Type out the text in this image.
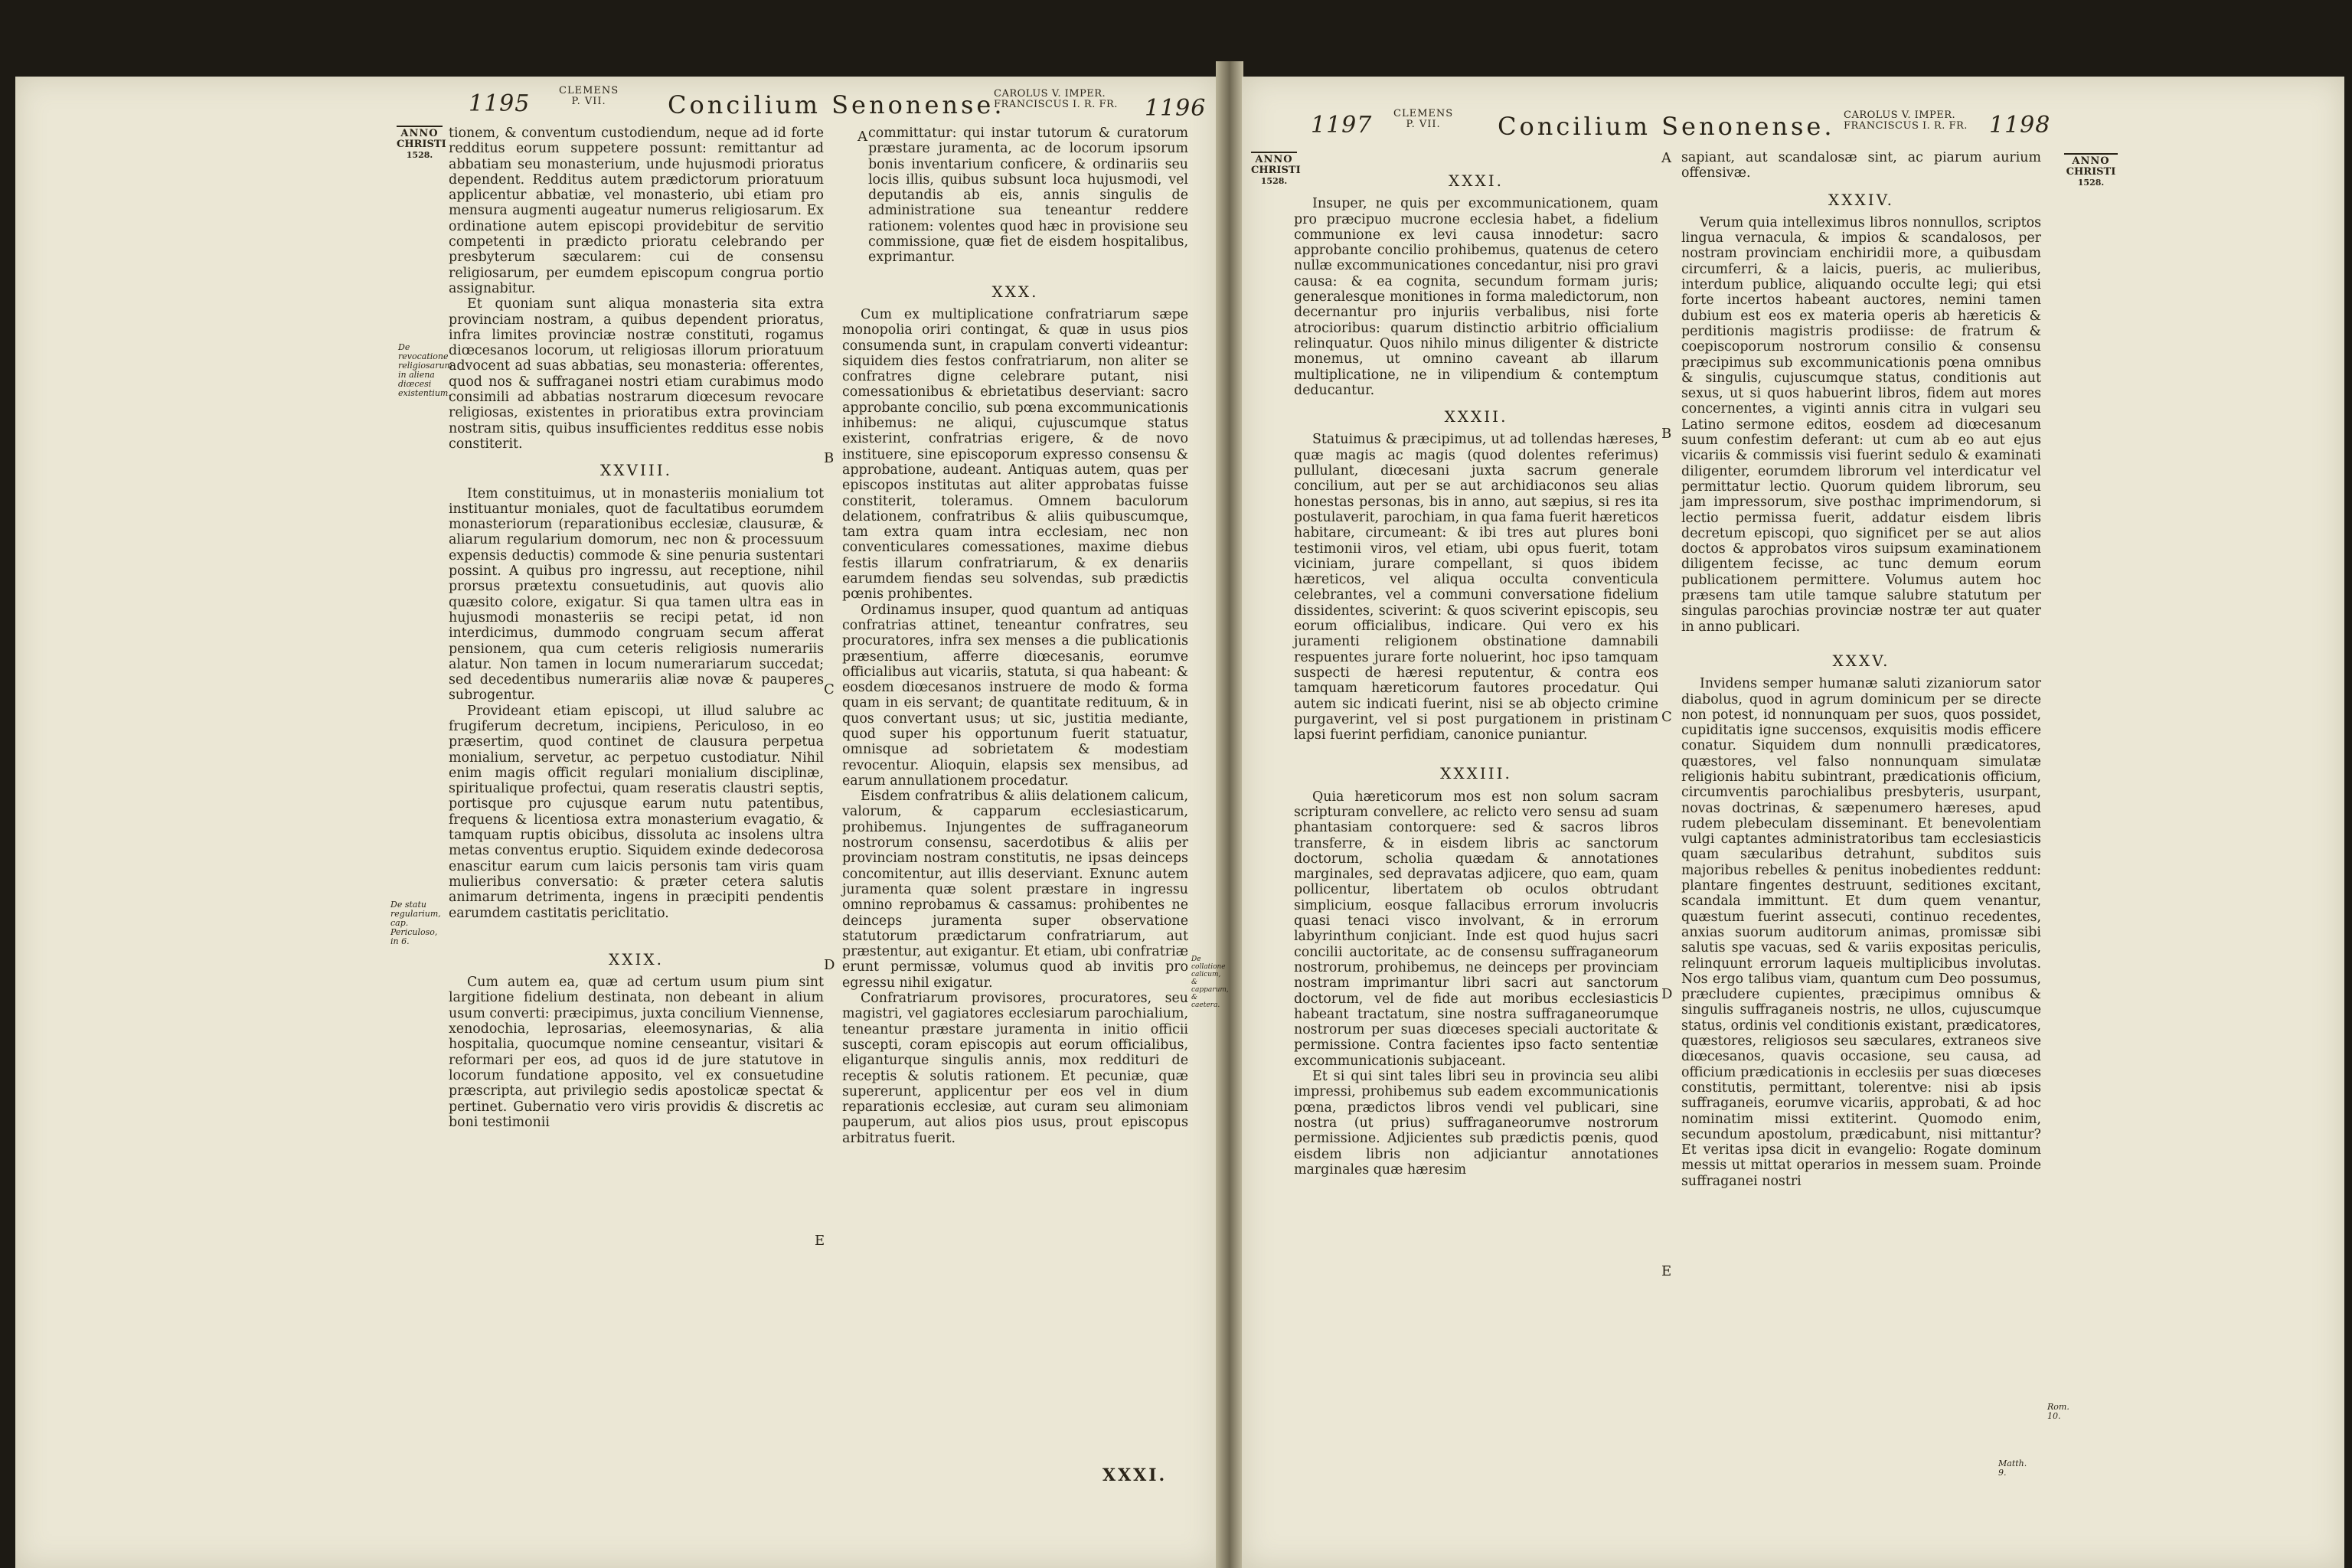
1195	CLEMENS
P. VII.	Concilium Senonense.
CAROLUS V. IMPER.
FRANCISCUS I. R. FR. 1196
ANNO
CHRISTI
1528.
De revocatione religiosarum in aliena diœcesi existentium.
De statu regularium, cap. Periculoso, in 6.
De collatione calicum, & capparum, & caetera.

tionem, & conventum custodiendum, neque ad id forte redditus eorum suppetere possunt: remittantur ad abbatiam seu monasterium, unde hujusmodi prioratus dependent. Redditus autem prædictorum prioratuum applicentur abbatiæ, vel monasterio, ubi etiam pro mensura augmenti augeatur numerus religiosarum. Ex ordinatione autem episcopi providebitur de servitio competenti in prædicto prioratu celebrando per presbyterum sæcularem: cui de consensu religiosarum, per eumdem episcopum congrua portio assignabitur.

Et quoniam sunt aliqua monasteria sita extra provinciam nostram, a quibus dependent prioratus, infra limites provinciæ nostræ constituti, rogamus diœcesanos locorum, ut religiosas illorum prioratuum advocent ad suas abbatias, seu monasteria: offerentes, quod nos & suffraganei nostri etiam curabimus modo consimili ad abbatias nostrarum diœcesum revocare religiosas, existentes in prioratibus extra provinciam nostram sitis, quibus insufficientes redditus esse nobis constiterit.

XXVIII.

Item constituimus, ut in monasteriis monialium tot instituantur moniales, quot de facultatibus eorumdem monasteriorum (reparationibus ecclesiæ, clausuræ, & aliarum regularium domorum, nec non & processuum expensis deductis) commode & sine penuria sustentari possint. A quibus pro ingressu, aut receptione, nihil prorsus prætextu consuetudinis, aut quovis alio quæsito colore, exigatur. Si qua tamen ultra eas in hujusmodi monasteriis se recipi petat, id non interdicimus, dummodo congruam secum afferat pensionem, qua cum ceteris religiosis numerariis alatur. Non tamen in locum numerariarum succedat; sed decedentibus numerariis aliæ novæ & pauperes subrogentur.

Provideant etiam episcopi, ut illud salubre ac frugiferum decretum, incipiens, Periculoso, in eo præsertim, quod continet de clausura perpetua monialium, servetur, ac perpetuo custodiatur. Nihil enim magis officit regulari monialium disciplinæ, spiritualique profectui, quam reseratis claustri septis, portisque pro cujusque earum nutu patentibus, frequens & licentiosa extra monasterium evagatio, & tamquam ruptis obicibus, dissoluta ac insolens ultra metas conventus eruptio. Siquidem exinde dedecorosa enascitur earum cum laicis personis tam viris quam mulieribus conversatio: & præter cetera salutis animarum detrimenta, ingens in præcipiti pendentis earumdem castitatis periclitatio.

XXIX.

Cum autem ea, quæ ad certum usum pium sint largitione fidelium destinata, non debeant in alium usum converti: præcipimus, juxta concilium Viennense, xenodochia, leprosarias, eleemosynarias, & alia hospitalia, quocumque nomine censeantur, visitari & reformari per eos, ad quos id de jure statutove in locorum fundatione apposito, vel ex consuetudine præscripta, aut privilegio sedis apostolicæ spectat & pertinet. Gubernatio vero viris providis & discretis ac boni testimonii

A
B
C
D
E

committatur: qui instar tutorum & curatorum præstare juramenta, ac de locorum ipsorum bonis inventarium conficere, & ordinariis seu locis illis, quibus subsunt loca hujusmodi, vel deputandis ab eis, annis singulis de administratione sua teneantur reddere rationem: volentes quod hæc in provisione seu commissione, quæ fiet de eisdem hospitalibus, exprimantur.

XXX.

Cum ex multiplicatione confratriarum sæpe monopolia oriri contingat, & quæ in usus pios consumenda sunt, in crapulam converti videantur: siquidem dies festos confratriarum, non aliter se confratres digne celebrare putant, nisi comessationibus & ebrietatibus deserviant: sacro approbante concilio, sub pœna excommunicationis inhibemus: ne aliqui, cujuscumque status existerint, confratrias erigere, & de novo instituere, sine episcoporum expresso consensu & approbatione, audeant. Antiquas autem, quas per episcopos institutas aut aliter approbatas fuisse constiterit, toleramus. Omnem baculorum delationem, confratribus & aliis quibuscumque, tam extra quam intra ecclesiam, nec non conventiculares comessationes, maxime diebus festis illarum confratriarum, & ex denariis earumdem fiendas seu solvendas, sub prædictis pœnis prohibentes.

Ordinamus insuper, quod quantum ad antiquas confratrias attinet, teneantur confratres, seu procuratores, infra sex menses a die publicationis præsentium, afferre diœcesanis, eorumve officialibus aut vicariis, statuta, si qua habeant: & eosdem diœcesanos instruere de modo & forma quam in eis servant; de quantitate redituum, & in quos convertant usus; ut sic, justitia mediante, quod super his opportunum fuerit statuatur, omnisque ad sobrietatem & modestiam revocentur. Alioquin, elapsis sex mensibus, ad earum annullationem procedatur.

Eisdem confratribus & aliis delationem calicum, valorum, & capparum ecclesiasticarum, prohibemus. Injungentes de suffraganeorum nostrorum consensu, sacerdotibus & aliis per provinciam nostram constitutis, ne ipsas deinceps concomitentur, aut illis deserviant. Exnunc autem juramenta quæ solent præstare in ingressu omnino reprobamus & cassamus: prohibentes ne deinceps juramenta super observatione statutorum prædictarum confratriarum, aut præstentur, aut exigantur. Et etiam, ubi confratriæ erunt permissæ, volumus quod ab invitis pro egressu nihil exigatur.

Confratriarum provisores, procuratores, seu magistri, vel gagiatores ecclesiarum parochialium, teneantur præstare juramenta in initio officii suscepti, coram episcopis aut eorum officialibus, eliganturque singulis annis, mox reddituri de receptis & solutis rationem. Et pecuniæ, quæ supererunt, applicentur per eos vel in dium reparationis ecclesiæ, aut curam seu alimoniam pauperum, aut alios pios usus, prout episcopus arbitratus fuerit.

XXXI.
1197 CLEMENS
P. VII.	Concilium Senonense. CAROLUS V. IMPER.
FRANCISCUS I. R. FR. 1198
ANNO
CHRISTI
1528.
ANNO
CHRISTI
1528.
Rom. 10.
Matth. 9.
XXXI.

Insuper, ne quis per excommunicationem, quam pro præcipuo mucrone ecclesia habet, a fidelium communione ex levi causa innodetur: sacro approbante concilio prohibemus, quatenus de cetero nullæ excommunicationes concedantur, nisi pro gravi causa: & ea cognita, secundum formam juris; generalesque monitiones in forma maledictorum, non decernantur pro injuriis verbalibus, nisi forte atrocioribus: quarum distinctio arbitrio officialium relinquatur. Quos nihilo minus diligenter & districte monemus, ut omnino caveant ab illarum multiplicatione, ne in vilipendium & contemptum deducantur.

XXXII.

Statuimus & præcipimus, ut ad tollendas hæreses, quæ magis ac magis (quod dolentes referimus) pullulant, diœcesani juxta sacrum generale concilium, aut per se aut archidiaconos seu alias honestas personas, bis in anno, aut sæpius, si res ita postulaverit, parochiam, in qua fama fuerit hæreticos habitare, circumeant: & ibi tres aut plures boni testimonii viros, vel etiam, ubi opus fuerit, totam viciniam, jurare compellant, si quos ibidem hæreticos, vel aliqua occulta conventicula celebrantes, vel a communi conversatione fidelium dissidentes, sciverint: & quos sciverint episcopis, seu eorum officialibus, indicare. Qui vero ex his juramenti religionem obstinatione damnabili respuentes jurare forte noluerint, hoc ipso tamquam suspecti de hæresi reputentur, & contra eos tamquam hæreticorum fautores procedatur. Qui autem sic indicati fuerint, nisi se ab objecto crimine purgaverint, vel si post purgationem in pristinam lapsi fuerint perfidiam, canonice puniantur.

XXXIII.

Quia hæreticorum mos est non solum sacram scripturam convellere, ac relicto vero sensu ad suam phantasiam contorquere: sed & sacros libros transferre, & in eisdem libris ac sanctorum doctorum, scholia quædam & annotationes marginales, sed depravatas adjicere, quo eam, quam pollicentur, libertatem ob oculos obtrudant simplicium, eosque fallacibus errorum involucris quasi tenaci visco involvant, & in errorum labyrinthum conjiciant. Inde est quod hujus sacri concilii auctoritate, ac de consensu suffraganeorum nostrorum, prohibemus, ne deinceps per provinciam nostram imprimantur libri sacri aut sanctorum doctorum, vel de fide aut moribus ecclesiasticis habeant tractatum, sine nostra suffraganeorumque nostrorum per suas diœceses speciali auctoritate & permissione. Contra facientes ipso facto sententiæ excommunicationis subjaceant.

Et si qui sint tales libri seu in provincia seu alibi impressi, prohibemus sub eadem excommunicationis pœna, prædictos libros vendi vel publicari, sine nostra (ut prius) suffraganeorumve nostrorum permissione. Adjicientes sub prædictis pœnis, quod eisdem libris non adjiciantur annotationes marginales quæ hæresim

A
B
C
D
E

sapiant, aut scandalosæ sint, ac piarum aurium offensivæ.

XXXIV.

Verum quia intelleximus libros nonnullos, scriptos lingua vernacula, & impios & scandalosos, per nostram provinciam enchiridii more, a quibusdam circumferri, & a laicis, pueris, ac mulieribus, interdum publice, aliquando occulte legi; qui etsi forte incertos habeant auctores, nemini tamen dubium est eos ex materia operis ab hæreticis & perditionis magistris prodiisse: de fratrum & coepiscoporum nostrorum consilio & consensu præcipimus sub excommunicationis pœna omnibus & singulis, cujuscumque status, conditionis aut sexus, ut si quos habuerint libros, fidem aut mores concernentes, a viginti annis citra in vulgari seu Latino sermone editos, eosdem ad diœcesanum suum confestim deferant: ut cum ab eo aut ejus vicariis & commissis visi fuerint sedulo & examinati diligenter, eorumdem librorum vel interdicatur vel permittatur lectio. Quorum quidem librorum, seu jam impressorum, sive posthac imprimendorum, si lectio permissa fuerit, addatur eisdem libris decretum episcopi, quo significet per se aut alios doctos & approbatos viros suipsum examinationem diligentem fecisse, ac tunc demum eorum publicationem permittere. Volumus autem hoc præsens tam utile tamque salubre statutum per singulas parochias provinciæ nostræ ter aut quater in anno publicari.

XXXV.

Invidens semper humanæ saluti zizaniorum sator diabolus, quod in agrum dominicum per se directe non potest, id nonnunquam per suos, quos possidet, cupiditatis igne succensos, exquisitis modis efficere conatur. Siquidem dum nonnulli prædicatores, quæstores, vel falso nonnunquam simulatæ religionis habitu subintrant, prædicationis officium, circumventis parochialibus presbyteris, usurpant, novas doctrinas, & sæpenumero hæreses, apud rudem plebeculam disseminant. Et benevolentiam vulgi captantes administratoribus tam ecclesiasticis quam sæcularibus detrahunt, subditos suis majoribus rebelles & penitus inobedientes reddunt: plantare fingentes destruunt, seditiones excitant, scandala immittunt. Et dum quem venantur, quæstum fuerint assecuti, continuo recedentes, anxias suorum auditorum animas, promissæ sibi salutis spe vacuas, sed & variis expositas periculis, relinquunt errorum laqueis multiplicibus involutas. Nos ergo talibus viam, quantum cum Deo possumus, præcludere cupientes, præcipimus omnibus & singulis suffraganeis nostris, ne ullos, cujuscumque status, ordinis vel conditionis existant, prædicatores, quæstores, religiosos seu sæculares, extraneos sive diœcesanos, quavis occasione, seu causa, ad officium prædicationis in ecclesiis per suas diœceses constitutis, permittant, tolerentve: nisi ab ipsis suffraganeis, eorumve vicariis, approbati, & ad hoc nominatim missi extiterint. Quomodo enim, secundum apostolum, prædicabunt, nisi mittantur? Et veritas ipsa dicit in evangelio: Rogate dominum messis ut mittat operarios in messem suam. Proinde suffraganei nostri
